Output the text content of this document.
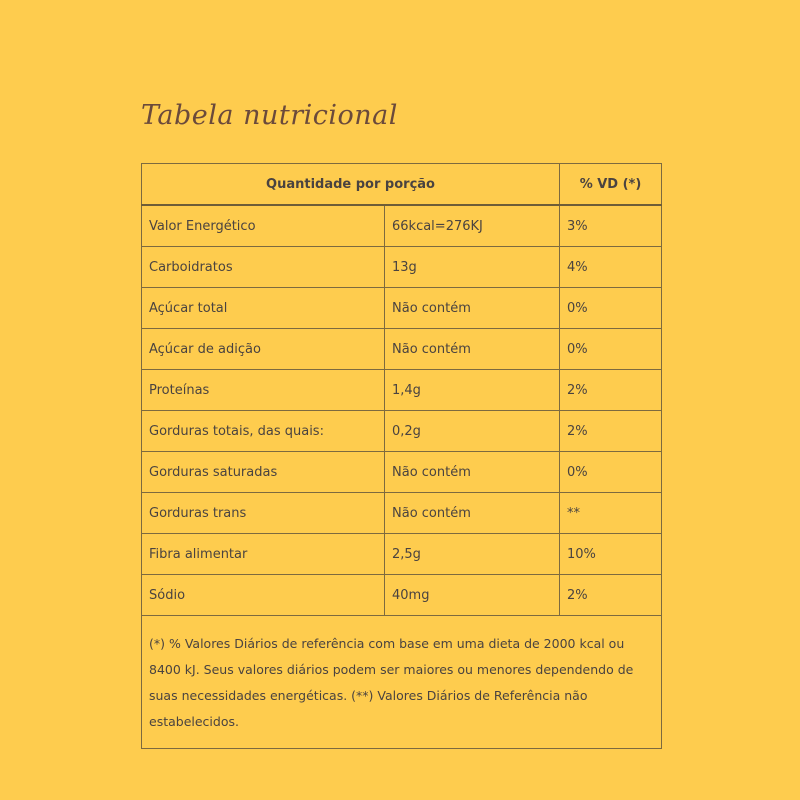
Tabela nutricional
Quantidade por porção		% VD (*)
Valor Energético	66kcal=276KJ	3%
Carboidratos	13g	4%
Açúcar total	Não contém	0%
Açúcar de adição	Não contém	0%
Proteínas	1,4g	2%
Gorduras totais, das quais:	0,2g	2%
Gorduras saturadas	Não contém	0%
Gorduras trans	Não contém	**
Fibra alimentar	2,5g	10%
Sódio	40mg	2%
(*) % Valores Diários de referência com base em uma dieta de 2000 kcal ou 8400 kJ. Seus valores diários podem ser maiores ou menores dependendo de suas necessidades energéticas. (**) Valores Diários de Referência não estabelecidos.		
